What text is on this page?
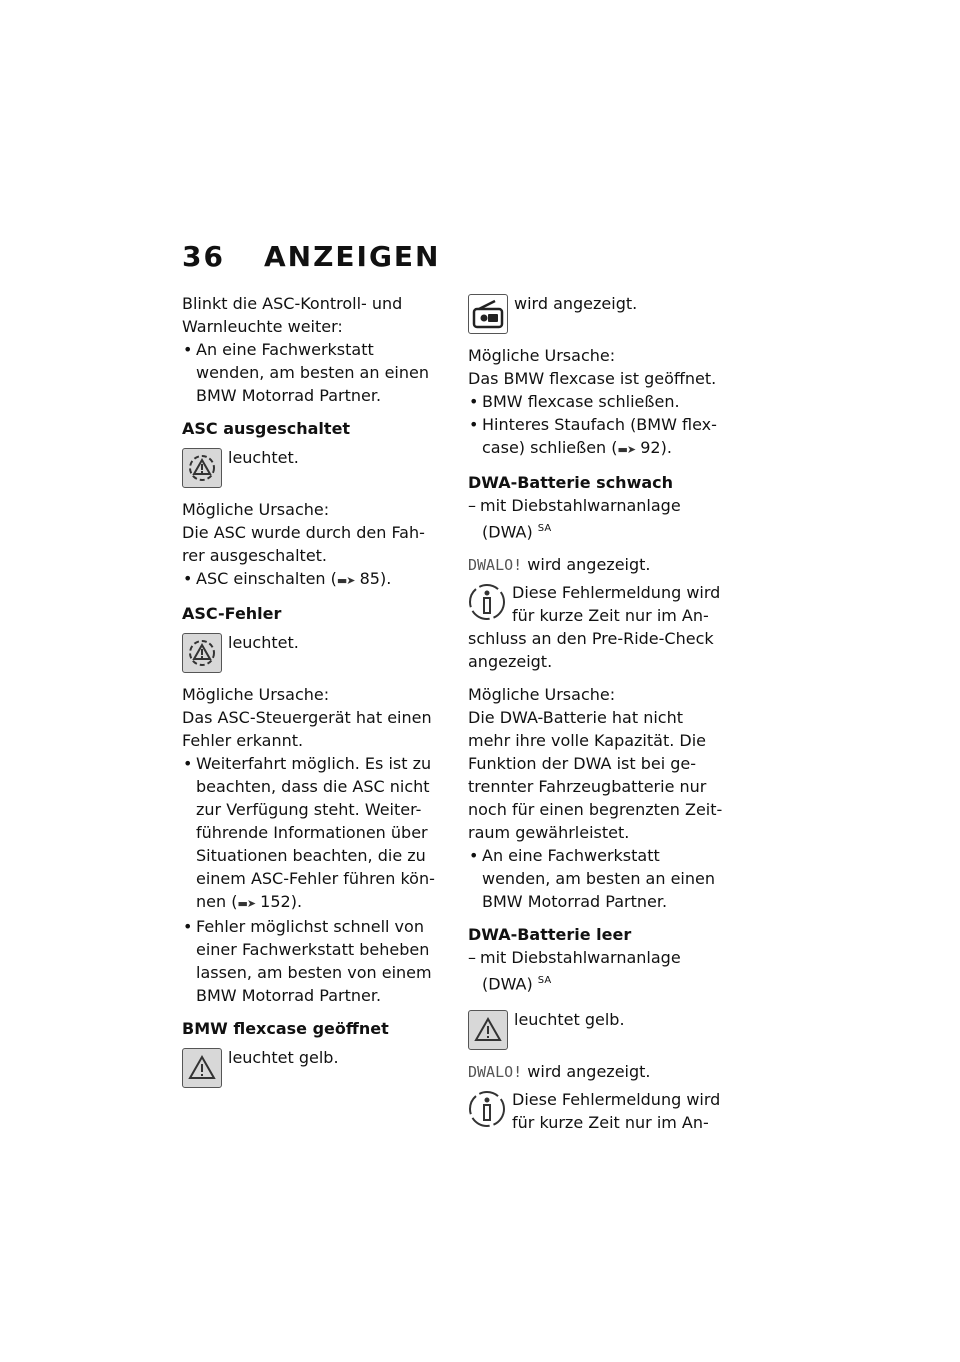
36 ANZEIGEN

Blinkt die ASC-Kontroll- und

Warnleuchte weiter:

• An eine Fachwerkstatt
wenden, am besten an einen
BMW Motorrad Partner.
ASC ausgeschaltet
leuchtet.

Mögliche Ursache:

Die ASC wurde durch den Fah-

rer ausgeschaltet.

• ASC einschalten (▬➤ 85).
ASC-Fehler
leuchtet.

Mögliche Ursache:

Das ASC-Steuergerät hat einen

Fehler erkannt.

• Weiterfahrt möglich. Es ist zu
beachten, dass die ASC nicht
zur Verfügung steht. Weiter-
führende Informationen über
Situationen beachten, die zu
einem ASC-Fehler führen kön-
nen (▬➤ 152).
• Fehler möglichst schnell von
einer Fachwerkstatt beheben
lassen, am besten von einem
BMW Motorrad Partner.
BMW flexcase geöffnet
leuchtet gelb.
wird angezeigt.

Mögliche Ursache:

Das BMW flexcase ist geöffnet.

• BMW flexcase schließen.
• Hinteres Staufach (BMW flex-
case) schließen (▬➤ 92).
DWA-Batterie schwach
– mit Diebstahlwarnanlage
(DWA) $^{SA}$

DWALO! wird angezeigt.

Diese Fehlermeldung wird
für kurze Zeit nur im An-
schluss an den Pre-Ride-Check
angezeigt.

Mögliche Ursache:

Die DWA-Batterie hat nicht

mehr ihre volle Kapazität. Die

Funktion der DWA ist bei ge-

trennter Fahrzeugbatterie nur

noch für einen begrenzten Zeit-

raum gewährleistet.

• An eine Fachwerkstatt
wenden, am besten an einen
BMW Motorrad Partner.
DWA-Batterie leer
– mit Diebstahlwarnanlage
(DWA) $^{SA}$
leuchtet gelb.

DWALO! wird angezeigt.

Diese Fehlermeldung wird
für kurze Zeit nur im An-
